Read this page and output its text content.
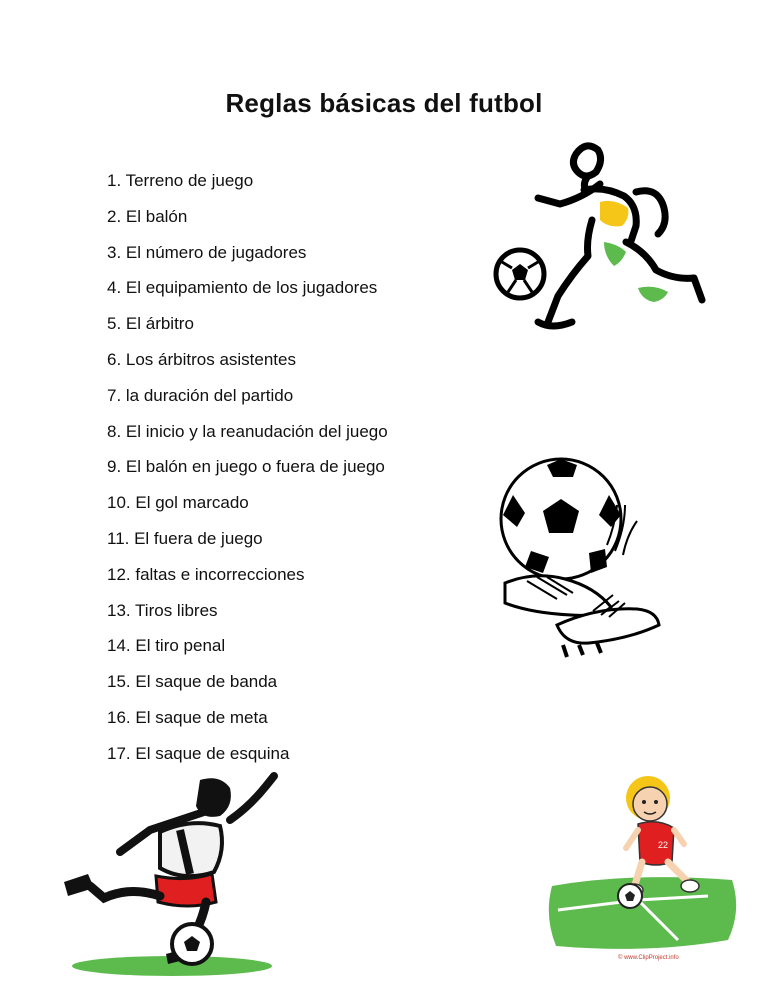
Reglas básicas del futbol
1. Terreno de juego
2. El balón
3. El número de jugadores
4. El equipamiento de los jugadores
5. El árbitro
6. Los árbitros asistentes
7. la duración del partido
8. El inicio y la reanudación del juego
9. El balón en juego o fuera de juego
10. El gol marcado
11. El fuera de juego
12. faltas e incorrecciones
13. Tiros libres
14. El tiro penal
15. El saque de banda
16. El saque de meta
17. El saque de esquina
22
© www.ClipProject.info
